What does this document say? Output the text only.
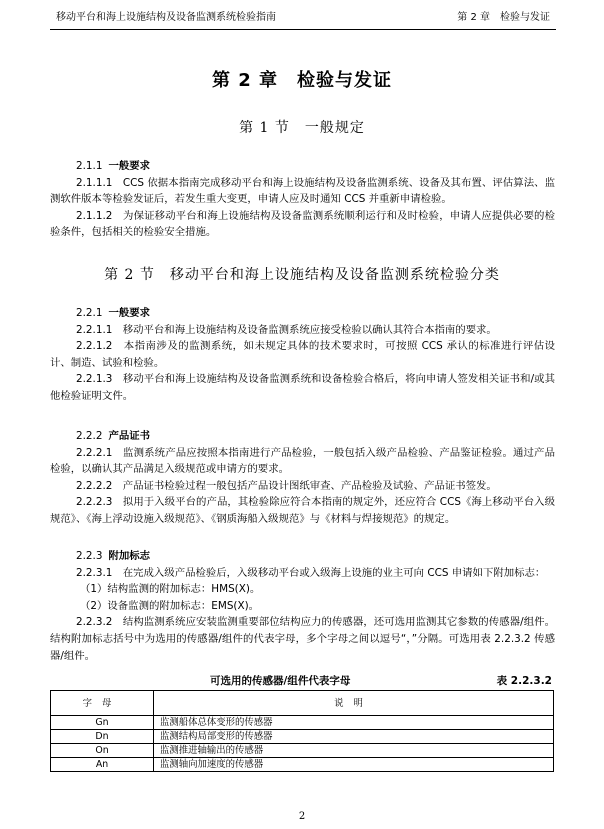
移动平台和海上设施结构及设备监测系统检验指南	第 2 章　检验与发证
第 2 章　检验与发证
第 1 节　一般规定

2.1.1 一般要求

2.1.1.1　CCS 依据本指南完成移动平台和海上设施结构及设备监测系统、设备及其布置、评估算法、监测软件版本等检验发证后，若发生重大变更，申请人应及时通知 CCS 并重新申请检验。

2.1.1.2　为保证移动平台和海上设施结构及设备监测系统顺利运行和及时检验，申请人应提供必要的检验条件，包括相关的检验安全措施。

第 2 节　移动平台和海上设施结构及设备监测系统检验分类

2.2.1 一般要求

2.2.1.1　移动平台和海上设施结构及设备监测系统应接受检验以确认其符合本指南的要求。

2.2.1.2　本指南涉及的监测系统，如未规定具体的技术要求时，可按照 CCS 承认的标准进行评估设计、制造、试验和检验。

2.2.1.3　移动平台和海上设施结构及设备监测系统和设备检验合格后，将向申请人签发相关证书和/或其他检验证明文件。

2.2.2 产品证书

2.2.2.1　监测系统产品应按照本指南进行产品检验，一般包括入级产品检验、产品鉴证检验。通过产品检验，以确认其产品满足入级规范或申请方的要求。

2.2.2.2　产品证书检验过程一般包括产品设计图纸审查、产品检验及试验、产品证书签发。

2.2.2.3　拟用于入级平台的产品，其检验除应符合本指南的规定外，还应符合 CCS《海上移动平台入级规范》、《海上浮动设施入级规范》、《钢质海船入级规范》与《材料与焊接规范》的规定。

2.2.3 附加标志

2.2.3.1　在完成入级产品检验后，入级移动平台或入级海上设施的业主可向 CCS 申请如下附加标志：

（1）结构监测的附加标志：HMS(X)。

（2）设备监测的附加标志：EMS(X)。

2.2.3.2　结构监测系统应安装监测重要部位结构应力的传感器，还可选用监测其它参数的传感器/组件。结构附加标志括号中为选用的传感器/组件的代表字母，多个字母之间以逗号“，”分隔。可选用表 2.2.3.2 传感器/组件。

可选用的传感器/组件代表字母	表 2.2.3.2
字母	说明
Gn	监测船体总体变形的传感器
Dn	监测结构局部变形的传感器
On	监测推进轴输出的传感器
An	监测轴向加速度的传感器
2
